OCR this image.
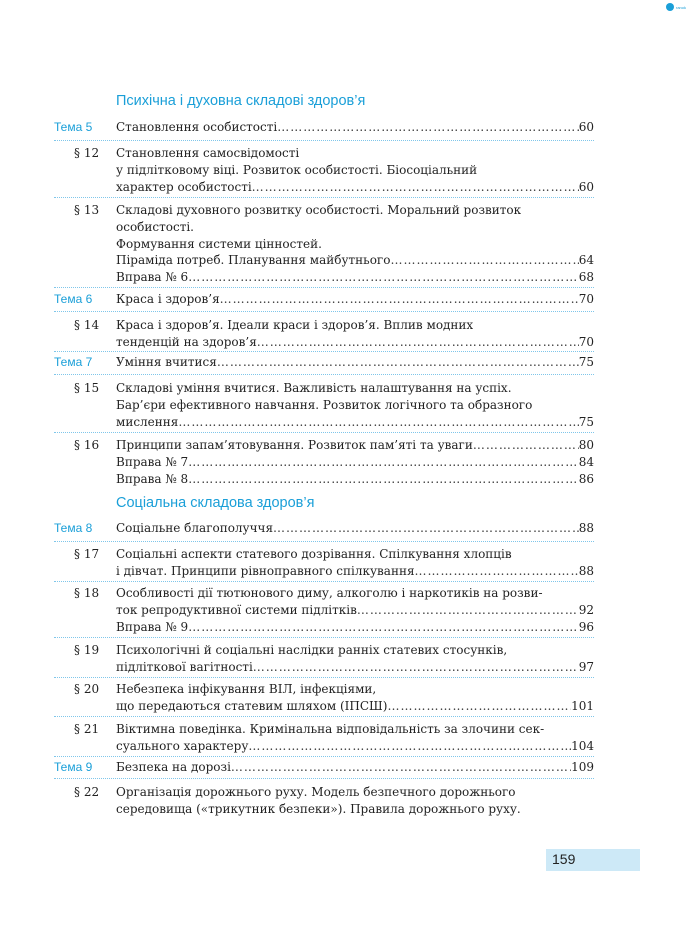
ranok
Психічна і духовна складові здоров’я
Тема 5 Становлення особистості ……………………………………………………………………………………………………………………………………………………	60
§ 12 Становлення самосвідомості
у підлітковому віці. Розвиток особистості. Біосоціальний
характер особистості ……………………………………………………………………………………………………………………………………………………	60
§ 13 Складові духовного розвитку особистості. Моральний розвиток
особистості.
Формування системи цінностей.
Піраміда потреб. Планування майбутнього ……………………………………………………………………………………………………………………………………………………	64
Вправа № 6 ……………………………………………………………………………………………………………………………………………………	68
Тема 6 Краса і здоров’я ……………………………………………………………………………………………………………………………………………………	70
§ 14 Краса і здоров’я. Ідеали краси і здоров’я. Вплив модних
тенденцій на здоров’я ……………………………………………………………………………………………………………………………………………………	70
Тема 7 Уміння вчитися ……………………………………………………………………………………………………………………………………………………	75
§ 15 Складові уміння вчитися. Важливість налаштування на успіх.
Бар’єри ефективного навчання. Розвиток логічного та образного
мислення ……………………………………………………………………………………………………………………………………………………	75
§ 16 Принципи запам’ятовування. Розвиток пам’яті та уваги ……………………………………………………………………………………………………………………………………………………	80
Вправа № 7 ……………………………………………………………………………………………………………………………………………………	84
Вправа № 8 ……………………………………………………………………………………………………………………………………………………	86
Соціальна складова здоров’я
Тема 8 Соціальне благополуччя ……………………………………………………………………………………………………………………………………………………	88
§ 17 Соціальні аспекти статевого дозрівання. Спілкування хлопців
і дівчат. Принципи рівноправного спілкування ……………………………………………………………………………………………………………………………………………………	88
§ 18 Особливості дії тютюнового диму, алкоголю і наркотиків на розви-
ток репродуктивної системи підлітків ……………………………………………………………………………………………………………………………………………………	92
Вправа № 9 ……………………………………………………………………………………………………………………………………………………	96
§ 19 Психологічні й соціальні наслідки ранніх статевих стосунків,
підліткової вагітності ……………………………………………………………………………………………………………………………………………………	97
§ 20 Небезпека інфікування ВІЛ, інфекціями,
що передаються статевим шляхом (ІПСШ) ……………………………………………………………………………………………………………………………………………………	101
§ 21 Віктимна поведінка. Кримінальна відповідальність за злочини сек-
суального характеру ……………………………………………………………………………………………………………………………………………………	104
Тема 9 Безпека на дорозі ……………………………………………………………………………………………………………………………………………………	109
§ 22 Організація дорожнього руху. Модель безпечного дорожнього
середовища («трикутник безпеки»). Правила дорожнього руху.
159
